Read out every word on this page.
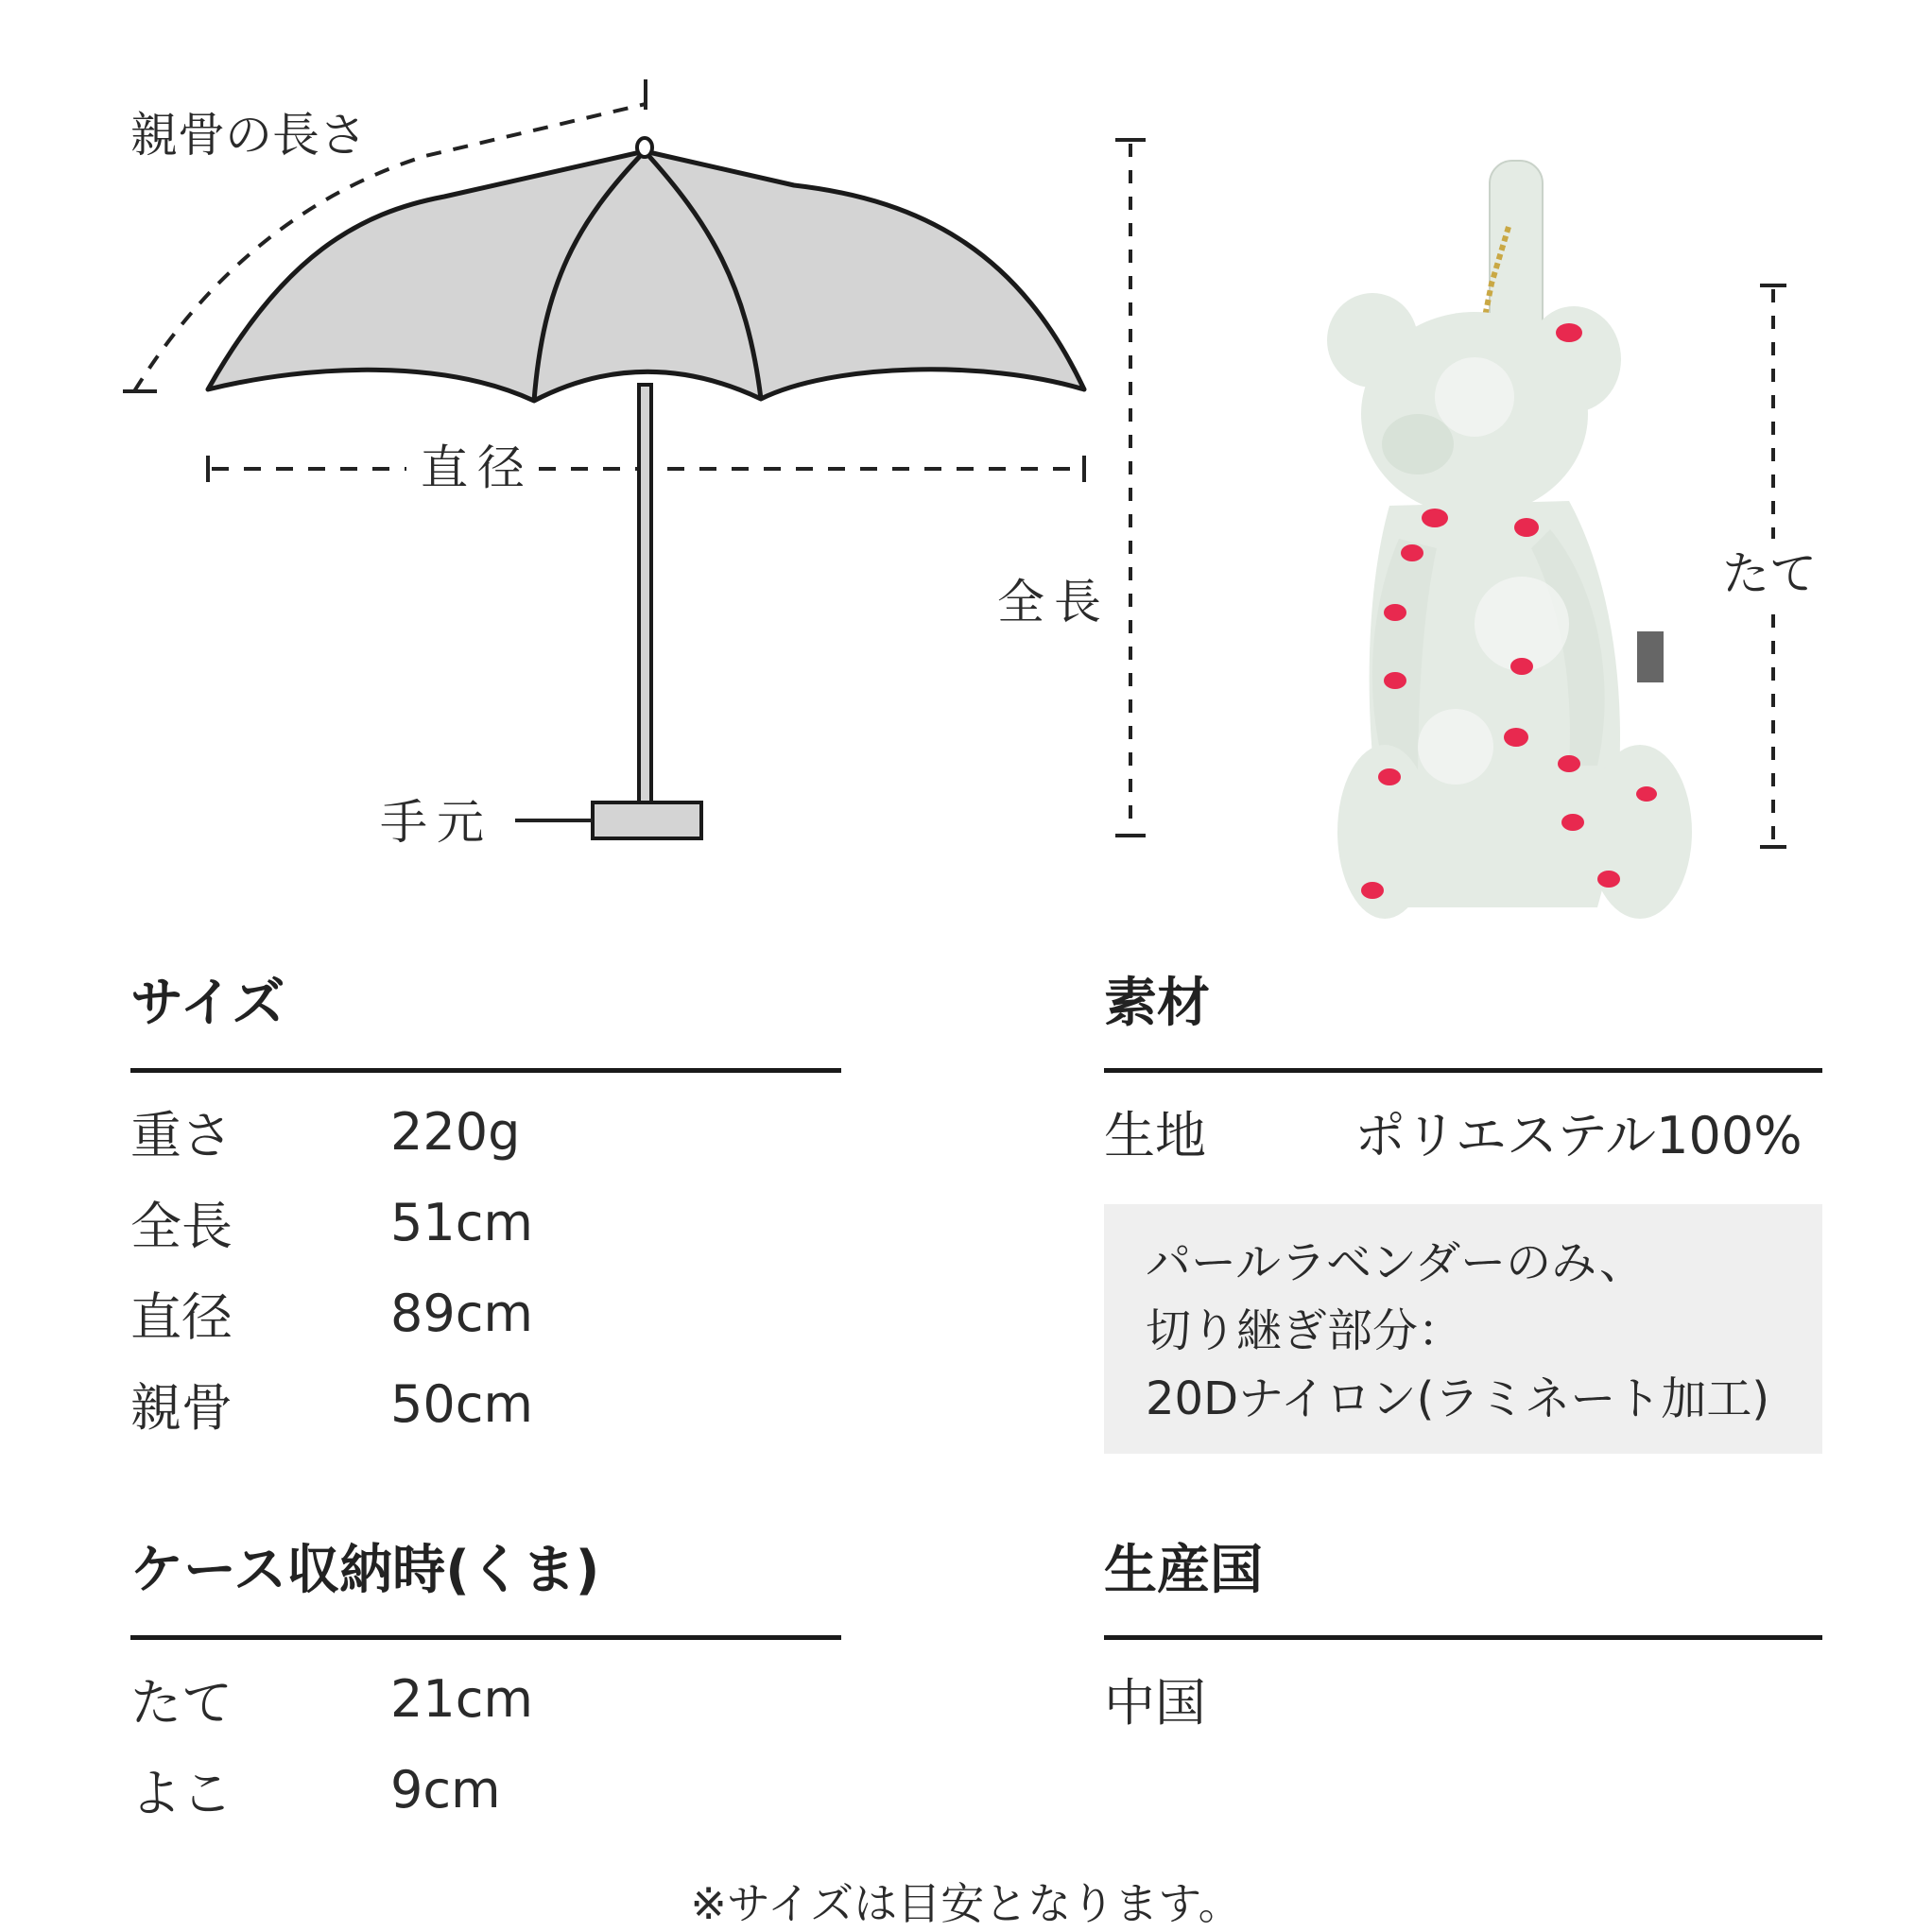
親骨の長さ
直径
全長
手元
たて
サイズ
重さ	220g
全長	51cm
直径	89cm
親骨	50cm
素材
生地	ポリエステル100%
パールラベンダーのみ、
切り継ぎ部分：
20Dナイロン(ラミネート加工)
ケース収納時(くま)
たて	21cm
よこ	9cm
生産国
中国
※サイズは目安となります。
